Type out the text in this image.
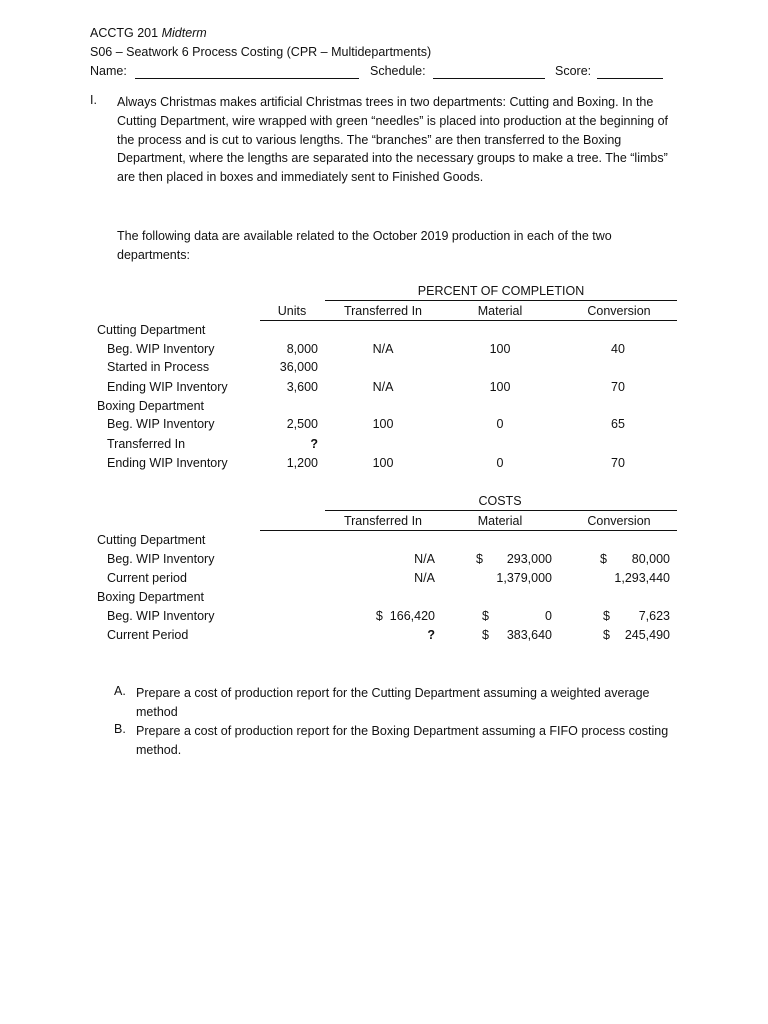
ACCTG 201 Midterm
S06 – Seatwork 6 Process Costing (CPR – Multidepartments)
Name:	Schedule:	Score:
I. Always Christmas makes artificial Christmas trees in two departments: Cutting and Boxing. In the Cutting Department, wire wrapped with green “needles” is placed into production at the beginning of the process and is cut to various lengths. The “branches” are then transferred to the Boxing Department, where the lengths are separated into the necessary groups to make a tree. The “limbs” are then placed in boxes and immediately sent to Finished Goods.
The following data are available related to the October 2019 production in each of the two departments:
PERCENT OF COMPLETION
Units	Transferred In	Material	Conversion
Cutting Department
Beg. WIP Inventory	8,000	N/A	100	40
Started in Process	36,000
Ending WIP Inventory	3,600	N/A	100	70
Boxing Department
Beg. WIP Inventory	2,500	100	0	65
Transferred In	?
Ending WIP Inventory	1,200	100	0	70
COSTS
Transferred In	Material	Conversion
Cutting Department
Beg. WIP Inventory	N/A	$	293,000	$	80,000
Current period	N/A	1,379,000	1,293,440
Boxing Department
Beg. WIP Inventory	$  166,420	$	0	$	7,623
Current Period	?	$	383,640	$	245,490
A. Prepare a cost of production report for the Cutting Department assuming a weighted average method
B. Prepare a cost of production report for the Boxing Department assuming a FIFO process costing method.
